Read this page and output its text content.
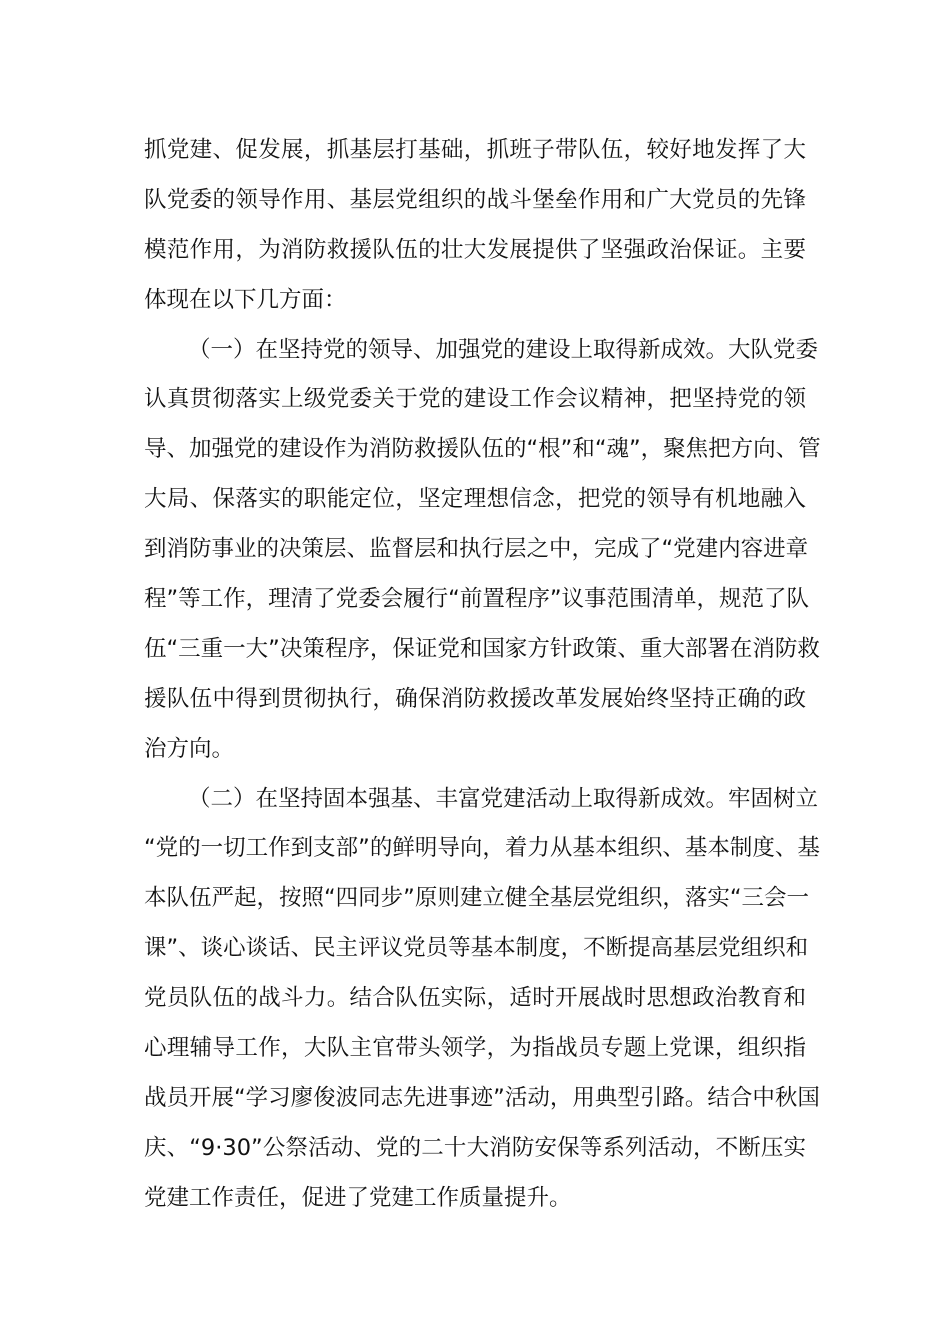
抓党建、促发展，抓基层打基础，抓班子带队伍，较好地发挥了大
队党委的领导作用、基层党组织的战斗堡垒作用和广大党员的先锋
模范作用，为消防救援队伍的壮大发展提供了坚强政治保证。主要
体现在以下几方面：
（一）在坚持党的领导、加强党的建设上取得新成效。大队党委
认真贯彻落实上级党委关于党的建设工作会议精神，把坚持党的领
导、加强党的建设作为消防救援队伍的“根”和“魂”，聚焦把方向、管
大局、保落实的职能定位，坚定理想信念，把党的领导有机地融入
到消防事业的决策层、监督层和执行层之中，完成了“党建内容进章
程”等工作，理清了党委会履行“前置程序”议事范围清单，规范了队
伍“三重一大”决策程序，保证党和国家方针政策、重大部署在消防救
援队伍中得到贯彻执行，确保消防救援改革发展始终坚持正确的政
治方向。
（二）在坚持固本强基、丰富党建活动上取得新成效。牢固树立
“党的一切工作到支部”的鲜明导向，着力从基本组织、基本制度、基
本队伍严起，按照“四同步”原则建立健全基层党组织，落实“三会一
课”、谈心谈话、民主评议党员等基本制度，不断提高基层党组织和
党员队伍的战斗力。结合队伍实际，适时开展战时思想政治教育和
心理辅导工作，大队主官带头领学，为指战员专题上党课，组织指
战员开展“学习廖俊波同志先进事迹”活动，用典型引路。结合中秋国
庆、“9·30”公祭活动、党的二十大消防安保等系列活动，不断压实
党建工作责任，促进了党建工作质量提升。
